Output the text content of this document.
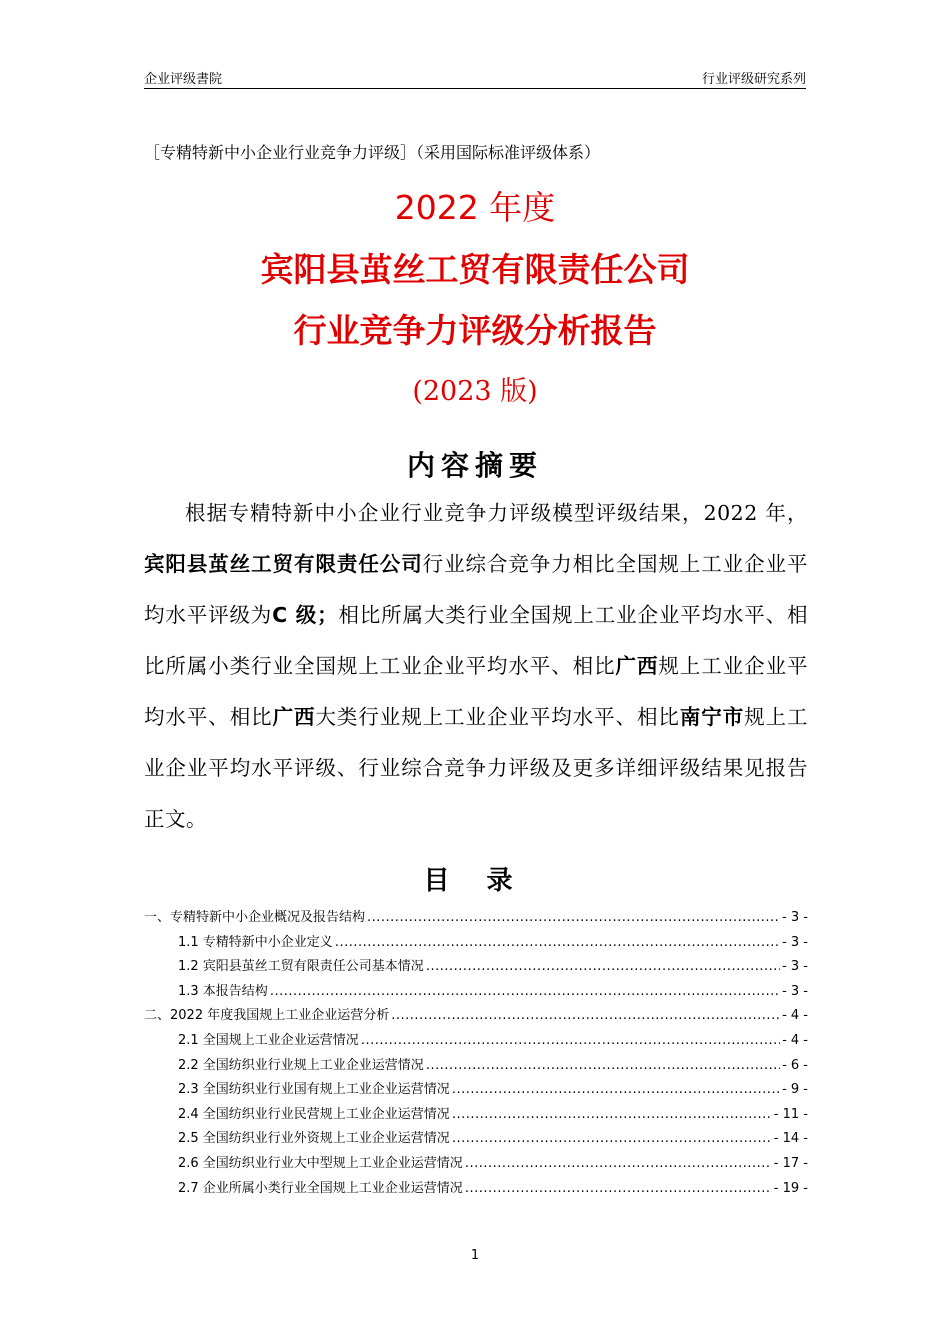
企业评级書院	行业评级研究系列
［专精特新中小企业行业竞争力评级］（采用国际标准评级体系）
2022 年度
宾阳县茧丝工贸有限责任公司
行业竞争力评级分析报告
(2023 版)
内容摘要

根据专精特新中小企业行业竞争力评级模型评级结果，2022 年，宾阳县茧丝工贸有限责任公司行业综合竞争力相比全国规上工业企业平均水平评级为C 级；相比所属大类行业全国规上工业企业平均水平、相比所属小类行业全国规上工业企业平均水平、相比广西规上工业企业平均水平、相比广西大类行业规上工业企业平均水平、相比南宁市规上工业企业平均水平评级、行业综合竞争力评级及更多详细评级结果见报告正文。

目 录
一、专精特新中小企业概况及报告结构 .....	- 3 -
1.1 专精特新中小企业定义 .....	- 3 -
1.2 宾阳县茧丝工贸有限责任公司基本情况 .....	- 3 -
1.3 本报告结构 .....	- 3 -
二、2022 年度我国规上工业企业运营分析 .....	- 4 -
2.1 全国规上工业企业运营情况 .....	- 4 -
2.2 全国纺织业行业规上工业企业运营情况 .....	- 6 -
2.3 全国纺织业行业国有规上工业企业运营情况 .....	- 9 -
2.4 全国纺织业行业民营规上工业企业运营情况 .....	- 11 -
2.5 全国纺织业行业外资规上工业企业运营情况 .....	- 14 -
2.6 全国纺织业行业大中型规上工业企业运营情况 .....	- 17 -
2.7 企业所属小类行业全国规上工业企业运营情况 .....	- 19 -
1
